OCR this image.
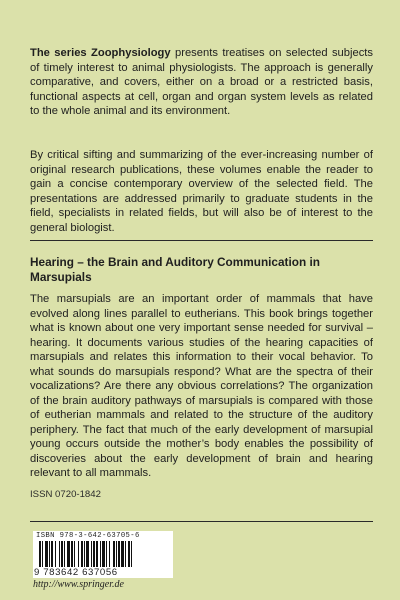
The series Zoophysiology presents treatises on selected subjects of timely interest to animal physiologists. The approach is generally comparative, and covers, either on a broad or a restricted basis, functional aspects at cell, organ and organ system levels as related to the whole animal and its environment.

By critical sifting and summarizing of the ever-increasing number of original research publications, these volumes enable the reader to gain a concise contemporary overview of the selected field. The presentations are addressed primarily to graduate students in the field, specialists in related fields, but will also be of interest to the general biologist.

Hearing – the Brain and Auditory Communication in Marsupials

The marsupials are an important order of mammals that have evolved along lines parallel to eutherians. This book brings together what is known about one very important sense needed for survival – hearing. It documents various studies of the hearing capacities of marsupials and relates this information to their vocal behavior. To what sounds do marsupials respond? What are the spectra of their vocalizations? Are there any obvious correlations? The organization of the brain auditory pathways of marsupials is compared with those of eutherian mammals and related to the structure of the auditory periphery. The fact that much of the early development of marsupial young occurs outside the mother’s body enables the possibility of discoveries about the early development of brain and hearing relevant to all mammals.

ISSN 0720-1842
ISBN 978-3-642-63705-6
9 783642 637056
http://www.springer.de
